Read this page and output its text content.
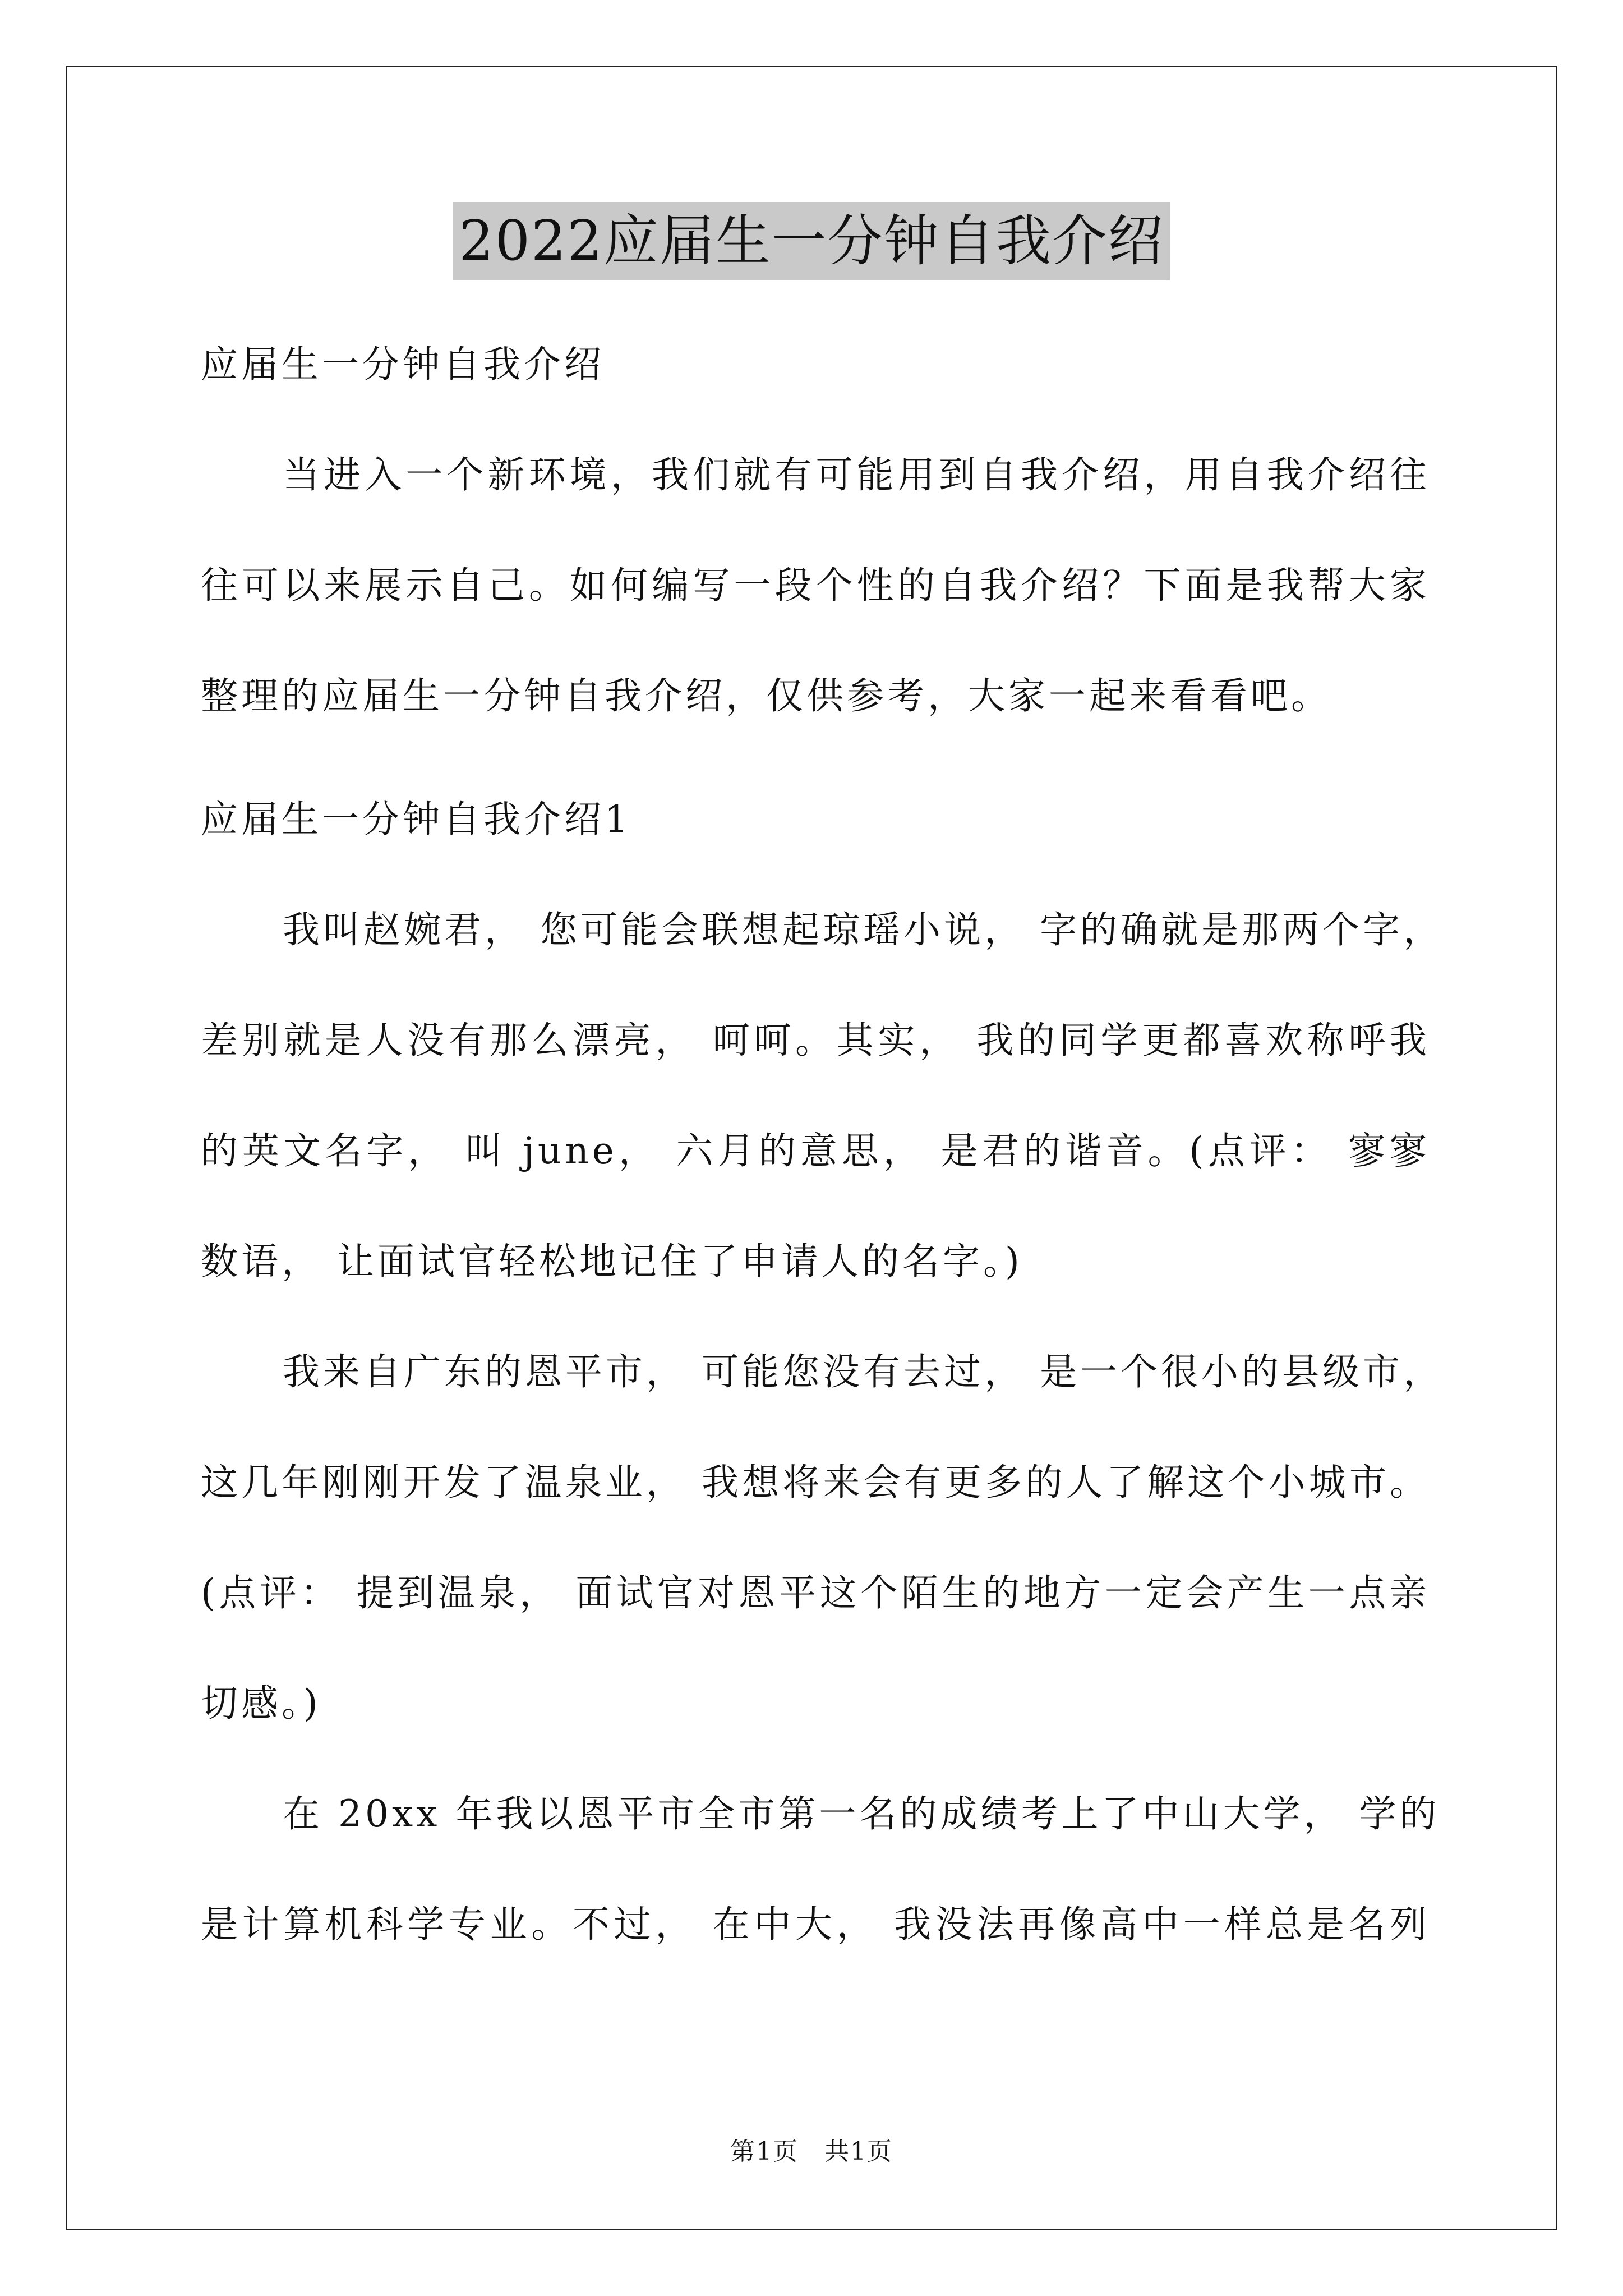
2022应届生一分钟自我介绍
应届生一分钟自我介绍
当进入一个新环境，我们就有可能用到自我介绍，用自我介绍往
往可以来展示自己。如何编写一段个性的自我介绍？下面是我帮大家
整理的应届生一分钟自我介绍，仅供参考，大家一起来看看吧。
应届生一分钟自我介绍1
我叫赵婉君， 您可能会联想起琼瑶小说， 字的确就是那两个字，
差别就是人没有那么漂亮， 呵呵。其实， 我的同学更都喜欢称呼我
的英文名字， 叫 june， 六月的意思， 是君的谐音。(点评： 寥寥
数语， 让面试官轻松地记住了申请人的名字。)
我来自广东的恩平市， 可能您没有去过， 是一个很小的县级市，
这几年刚刚开发了温泉业， 我想将来会有更多的人了解这个小城市。
(点评： 提到温泉， 面试官对恩平这个陌生的地方一定会产生一点亲
切感。)
在 20xx 年我以恩平市全市第一名的成绩考上了中山大学， 学的
是计算机科学专业。不过， 在中大， 我没法再像高中一样总是名列
第1页　共1页
